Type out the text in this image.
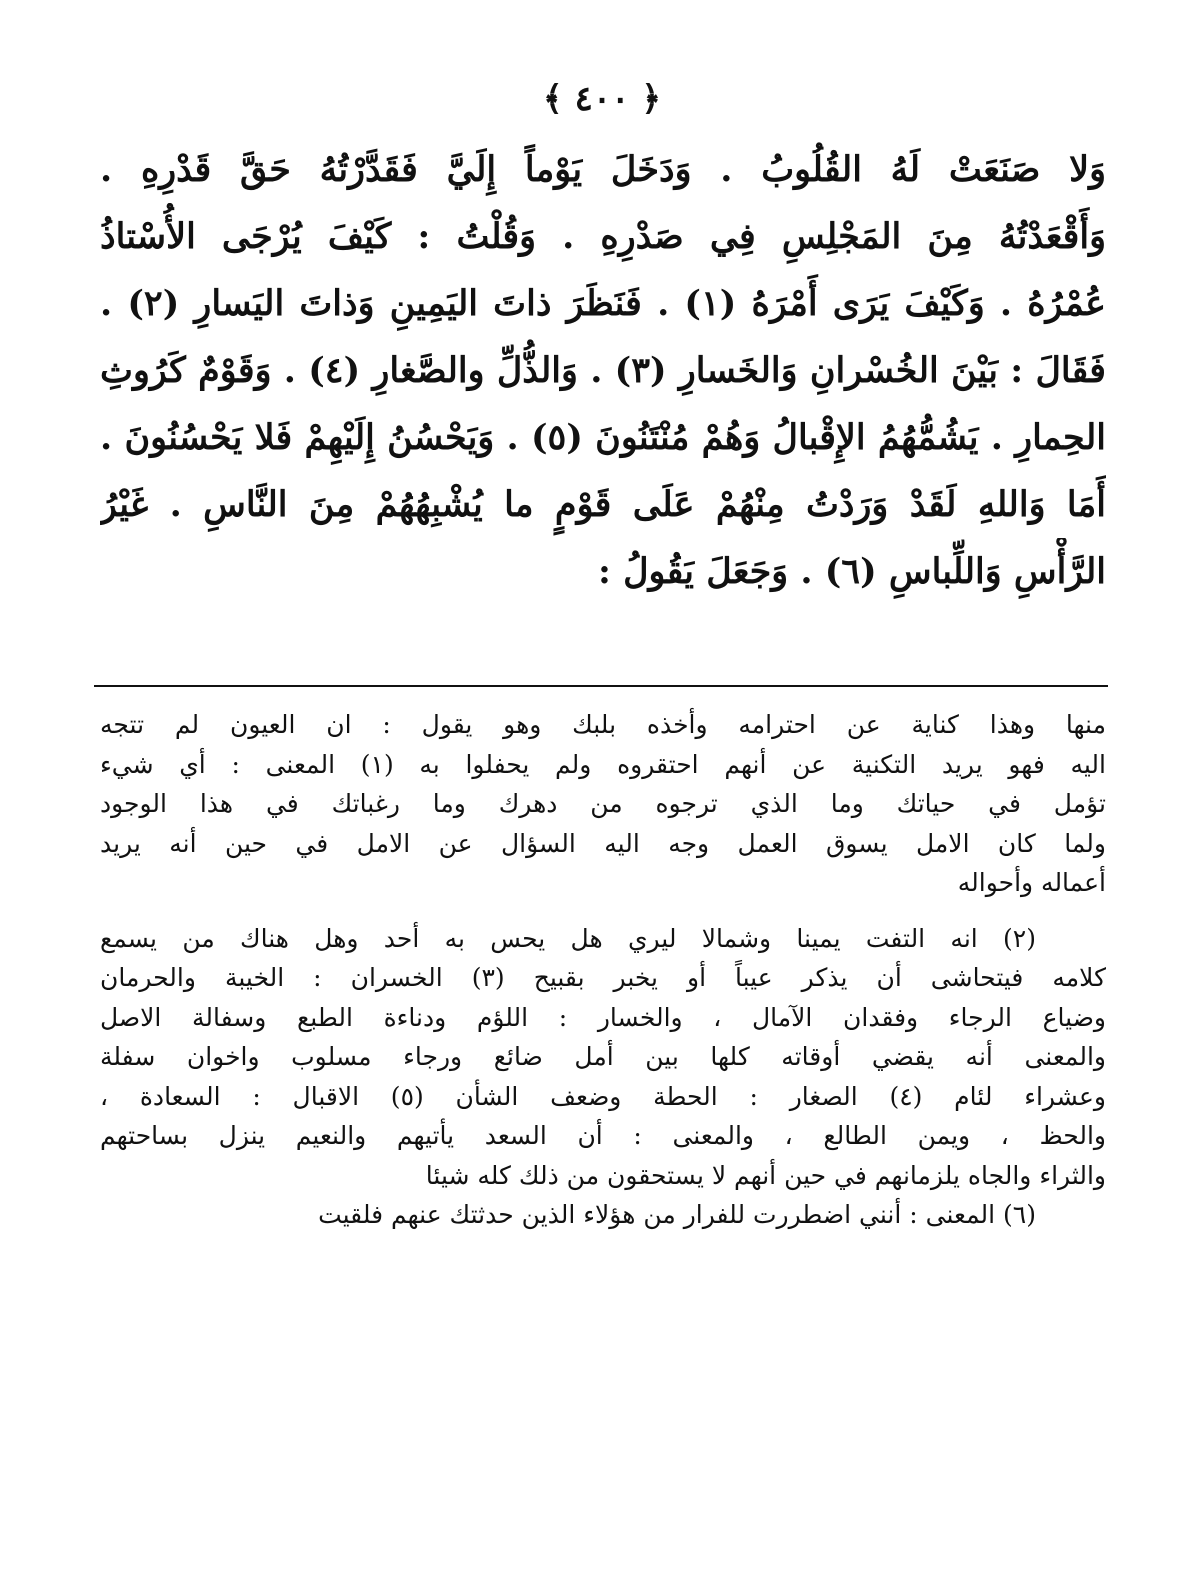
﴿ ٤٠٠ ﴾
وَلا صَنَعَتْ لَهُ القُلُوبُ . وَدَخَلَ يَوْماً إِلَيَّ فَقَدَّرْتُهُ حَقَّ قَدْرِهِ .
وَأَقْعَدْتُهُ مِنَ المَجْلِسِ فِي صَدْرِهِ . وَقُلْتُ : كَيْفَ يُرْجَى الأُسْتاذُ
عُمْرُهُ . وَكَيْفَ يَرَى أَمْرَهُ (١) . فَنَظَرَ ذاتَ اليَمِينِ وَذاتَ اليَسارِ (٢) .
فَقَالَ : بَيْنَ الخُسْرانِ وَالخَسارِ (٣) . وَالذُّلِّ والصَّغارِ (٤) . وَقَوْمٌ كَرُوثِ
الحِمارِ . يَشُمُّهُمُ الإِقْبالُ وَهُمْ مُنْتَنُونَ (٥) . وَيَحْسُنُ إِلَيْهِمْ فَلا يَحْسُنُونَ .
أَمَا وَاللهِ لَقَدْ وَرَدْتُ مِنْهُمْ عَلَى قَوْمٍ ما يُشْبِهُهُمْ مِنَ النَّاسِ . غَيْرُ
الرَّأْسِ وَاللِّباسِ (٦) . وَجَعَلَ يَقُولُ :
منها وهذا كناية عن احترامه وأخذه بلبك وهو يقول : ان العيون لم تتجه
اليه فهو يريد التكنية عن أنهم احتقروه ولم يحفلوا به (١) المعنى : أي شيء
تؤمل في حياتك وما الذي ترجوه من دهرك وما رغباتك في هذا الوجود
ولما كان الامل يسوق العمل وجه اليه السؤال عن الامل في حين أنه يريد
أعماله وأحواله
(٢) انه التفت يمينا وشمالا ليري هل يحس به أحد وهل هناك من يسمع
كلامه فيتحاشى أن يذكر عيباً أو يخبر بقبيح (٣) الخسران : الخيبة والحرمان
وضياع الرجاء وفقدان الآمال ، والخسار : اللؤم ودناءة الطبع وسفالة الاصل
والمعنى أنه يقضي أوقاته كلها بين أمل ضائع ورجاء مسلوب واخوان سفلة
وعشراء لئام (٤) الصغار : الحطة وضعف الشأن (٥) الاقبال : السعادة ،
والحظ ، ويمن الطالع ، والمعنى : أن السعد يأتيهم والنعيم ينزل بساحتهم
والثراء والجاه يلزمانهم في حين أنهم لا يستحقون من ذلك كله شيئا
(٦) المعنى : أنني اضطررت للفرار من هؤلاء الذين حدثتك عنهم فلقيت
